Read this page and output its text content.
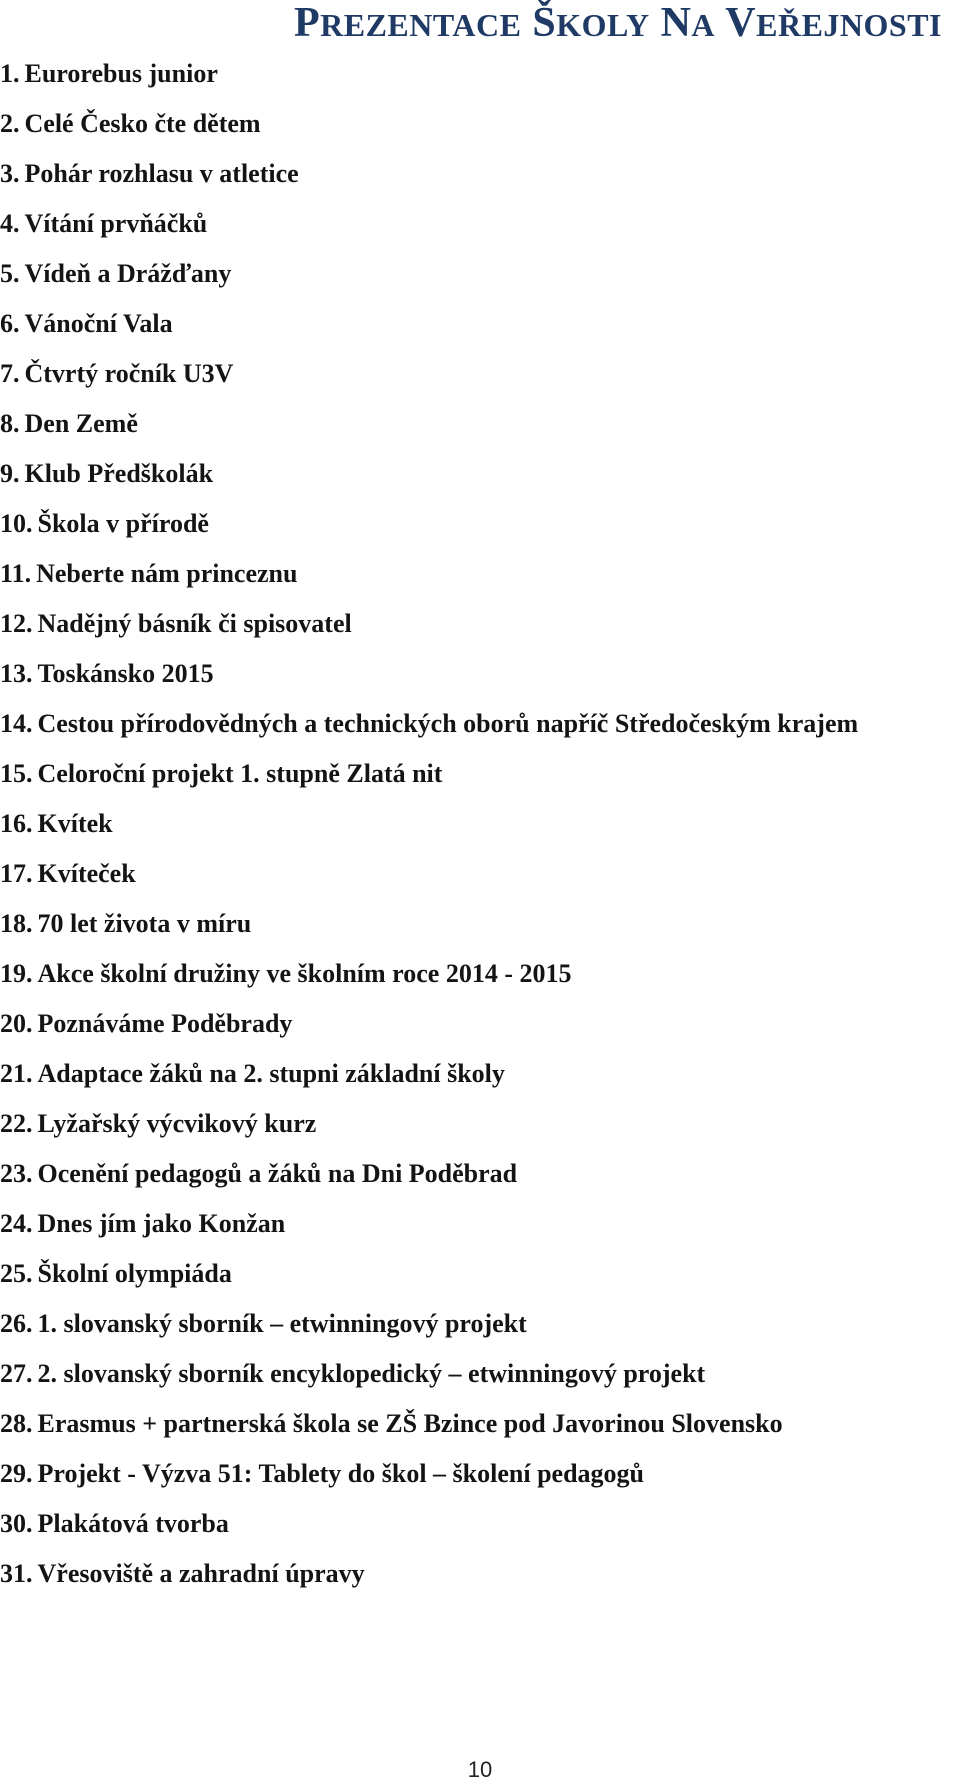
PREZENTACE ŠKOLY NA VEŘEJNOSTI
1. Eurorebus junior
2. Celé Česko čte dětem
3. Pohár rozhlasu v atletice
4. Vítání prvňáčků
5. Vídeň a Drážďany
6. Vánoční Vala
7. Čtvrtý ročník U3V
8. Den Země
9. Klub Předškolák
10. Škola v přírodě
11. Neberte nám princeznu
12. Nadějný básník či spisovatel
13. Toskánsko 2015
14. Cestou přírodovědných a technických oborů napříč Středočeským krajem
15. Celoroční projekt 1. stupně Zlatá nit
16. Kvítek
17. Kvíteček
18. 70 let života v míru
19. Akce školní družiny ve školním roce 2014 - 2015
20. Poznáváme Poděbrady
21. Adaptace žáků na 2. stupni základní školy
22. Lyžařský výcvikový kurz
23. Ocenění pedagogů a žáků na Dni Poděbrad
24. Dnes jím jako Konžan
25. Školní olympiáda
26. 1. slovanský sborník – etwinningový projekt
27. 2. slovanský sborník encyklopedický – etwinningový projekt
28. Erasmus + partnerská škola se ZŠ Bzince pod Javorinou Slovensko
29. Projekt - Výzva 51: Tablety do škol – školení pedagogů
30. Plakátová tvorba
31. Vřesoviště a zahradní úpravy
10
